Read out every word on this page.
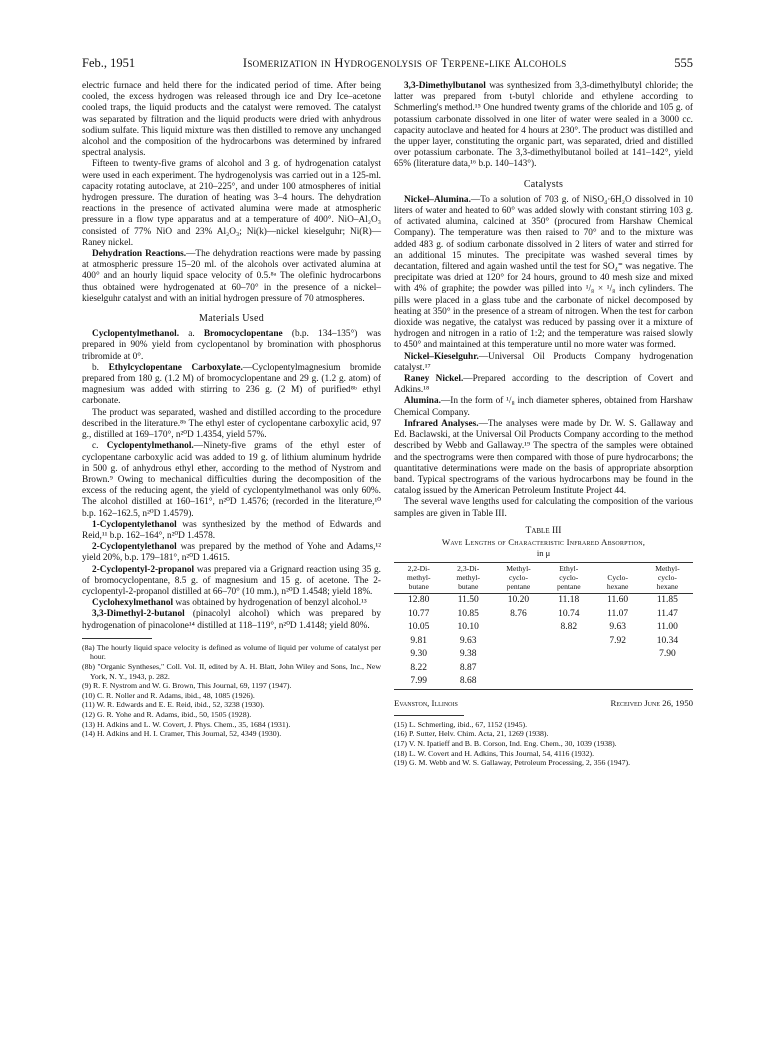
Feb., 1951	Isomerization in Hydrogenolysis of Terpene-like Alcohols	555

electric furnace and held there for the indicated period of time. After being cooled, the excess hydrogen was released through ice and Dry Ice–acetone cooled traps, the liquid products and the catalyst were removed. The catalyst was separated by filtration and the liquid products were dried with anhydrous sodium sulfate. This liquid mixture was then distilled to remove any unchanged alcohol and the composition of the hydrocarbons was determined by infrared spectral analysis.

Fifteen to twenty-five grams of alcohol and 3 g. of hydrogenation catalyst were used in each experiment. The hydrogenolysis was carried out in a 125-ml. capacity rotating autoclave, at 210–225°, and under 100 atmospheres of initial hydrogen pressure. The duration of heating was 3–4 hours. The dehydration reactions in the presence of activated alumina were made at atmospheric pressure in a flow type apparatus and at a temperature of 400°. NiO–Al₂O₃ consisted of 77% NiO and 23% Al₂O₃; Ni(k)—nickel kieselguhr; Ni(R)—Raney nickel.

Dehydration Reactions.—The dehydration reactions were made by passing at atmospheric pressure 15–20 ml. of the alcohols over activated alumina at 400° and an hourly liquid space velocity of 0.5.⁸ᵃ The olefinic hydrocarbons thus obtained were hydrogenated at 60–70° in the presence of a nickel–kieselguhr catalyst and with an initial hydrogen pressure of 70 atmospheres.

Materials Used

Cyclopentylmethanol. a. Bromocyclopentane (b.p. 134–135°) was prepared in 90% yield from cyclopentanol by bromination with phosphorus tribromide at 0°.

b. Ethylcyclopentane Carboxylate.—Cyclopentylmagnesium bromide prepared from 180 g. (1.2 M) of bromocyclopentane and 29 g. (1.2 g. atom) of magnesium was added with stirring to 236 g. (2 M) of purified⁸ᵇ ethyl carbonate.

The product was separated, washed and distilled according to the procedure described in the literature.⁸ᵇ The ethyl ester of cyclopentane carboxylic acid, 97 g., distilled at 169–170°, n²⁰D 1.4354, yield 57%.

c. Cyclopentylmethanol.—Ninety-five grams of the ethyl ester of cyclopentane carboxylic acid was added to 19 g. of lithium aluminum hydride in 500 g. of anhydrous ethyl ether, according to the method of Nystrom and Brown.⁹ Owing to mechanical difficulties during the decomposition of the excess of the reducing agent, the yield of cyclopentylmethanol was only 60%. The alcohol distilled at 160–161°, n²⁰D 1.4576; (recorded in the literature,¹⁰ b.p. 162–162.5, n²⁰D 1.4579).

1-Cyclopentylethanol was synthesized by the method of Edwards and Reid,¹¹ b.p. 162–164°, n²⁰D 1.4578.

2-Cyclopentylethanol was prepared by the method of Yohe and Adams,¹² yield 20%, b.p. 179–181°, n²⁰D 1.4615.

2-Cyclopentyl-2-propanol was prepared via a Grignard reaction using 35 g. of bromocyclopentane, 8.5 g. of magnesium and 15 g. of acetone. The 2-cyclopentyl-2-propanol distilled at 66–70° (10 mm.), n²⁰D 1.4548; yield 18%.

Cyclohexylmethanol was obtained by hydrogenation of benzyl alcohol.¹³

3,3-Dimethyl-2-butanol (pinacolyl alcohol) which was prepared by hydrogenation of pinacolone¹⁴ distilled at 118–119°, n²⁰D 1.4148; yield 80%.

(8a) The hourly liquid space velocity is defined as volume of liquid per volume of catalyst per hour.

(8b) "Organic Syntheses," Coll. Vol. II, edited by A. H. Blatt, John Wiley and Sons, Inc., New York, N. Y., 1943, p. 282.

(9) R. F. Nystrom and W. G. Brown, This Journal, 69, 1197 (1947).

(10) C. R. Noller and R. Adams, ibid., 48, 1085 (1926).

(11) W. R. Edwards and E. E. Reid, ibid., 52, 3238 (1930).

(12) G. R. Yohe and R. Adams, ibid., 50, 1505 (1928).

(13) H. Adkins and L. W. Covert, J. Phys. Chem., 35, 1684 (1931).

(14) H. Adkins and H. I. Cramer, This Journal, 52, 4349 (1930).

3,3-Dimethylbutanol was synthesized from 3,3-dimethylbutyl chloride; the latter was prepared from t-butyl chloride and ethylene according to Schmerling's method.¹⁵ One hundred twenty grams of the chloride and 105 g. of potassium carbonate dissolved in one liter of water were sealed in a 3000 cc. capacity autoclave and heated for 4 hours at 230°. The product was distilled and the upper layer, constituting the organic part, was separated, dried and distilled over potassium carbonate. The 3,3-dimethylbutanol boiled at 141–142°, yield 65% (literature data,¹⁶ b.p. 140–143°).

Catalysts

Nickel–Alumina.—To a solution of 703 g. of NiSO₄·6H₂O dissolved in 10 liters of water and heated to 60° was added slowly with constant stirring 103 g. of activated alumina, calcined at 350° (procured from Harshaw Chemical Company). The temperature was then raised to 70° and to the mixture was added 483 g. of sodium carbonate dissolved in 2 liters of water and stirred for an additional 15 minutes. The precipitate was washed several times by decantation, filtered and again washed until the test for SO₄⁼ was negative. The precipitate was dried at 120° for 24 hours, ground to 40 mesh size and mixed with 4% of graphite; the powder was pilled into ¹/₈ × ¹/₈ inch cylinders. The pills were placed in a glass tube and the carbonate of nickel decomposed by heating at 350° in the presence of a stream of nitrogen. When the test for carbon dioxide was negative, the catalyst was reduced by passing over it a mixture of hydrogen and nitrogen in a ratio of 1:2; and the temperature was raised slowly to 450° and maintained at this temperature until no more water was formed.

Nickel–Kieselguhr.—Universal Oil Products Company hydrogenation catalyst.¹⁷

Raney Nickel.—Prepared according to the description of Covert and Adkins.¹⁸

Alumina.—In the form of ¹/₈ inch diameter spheres, obtained from Harshaw Chemical Company.

Infrared Analyses.—The analyses were made by Dr. W. S. Gallaway and Ed. Baclawski, at the Universal Oil Products Company according to the method described by Webb and Gallaway.¹⁹ The spectra of the samples were obtained and the spectrograms were then compared with those of pure hydrocarbons; the quantitative determinations were made on the basis of appropriate absorption band. Typical spectrograms of the various hydrocarbons may be found in the catalog issued by the American Petroleum Institute Project 44.

The several wave lengths used for calculating the composition of the various samples are given in Table III.

Table III
Wave Lengths of Characteristic Infrared Absorption,
in μ
2,2-Di-
methyl-
butane	2,3-Di-
methyl-
butane	Methyl-
cyclo-
pentane	Ethyl-
cyclo-
pentane	Cyclo-
hexane	Methyl-
cyclo-
hexane
12.80	11.50	10.20	11.18	11.60	11.85
10.77	10.85	8.76	10.74	11.07	11.47
10.05	10.10		8.82	9.63	11.00
9.81	9.63			7.92	10.34
9.30	9.38				7.90
8.22	8.87				
7.99	8.68				
Evanston, Illinois	Received June 26, 1950

(15) L. Schmerling, ibid., 67, 1152 (1945).

(16) P. Sutter, Helv. Chim. Acta, 21, 1269 (1938).

(17) V. N. Ipatieff and B. B. Corson, Ind. Eng. Chem., 30, 1039 (1938).

(18) L. W. Covert and H. Adkins, This Journal, 54, 4116 (1932).

(19) G. M. Webb and W. S. Gallaway, Petroleum Processing, 2, 356 (1947).
